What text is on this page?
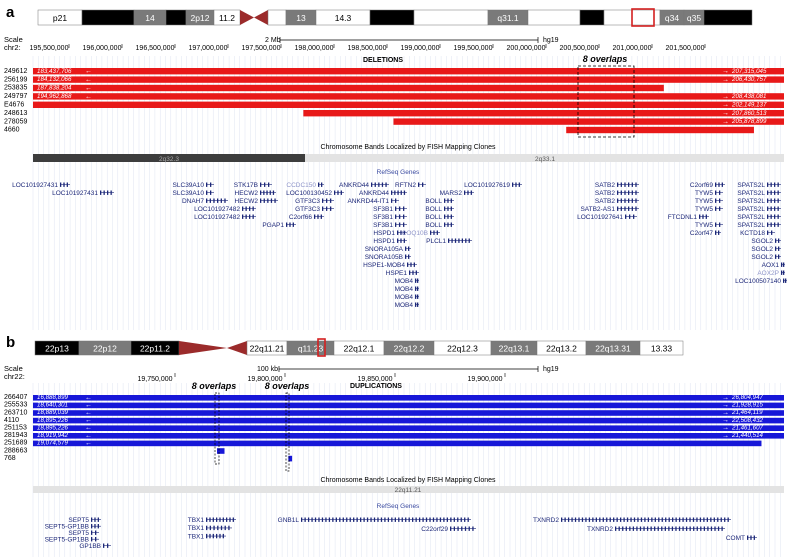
a	p21	14	2p12 11.2	13	14.3	q31.1	q34 q35
Scale
chr2:
2 Mb	hg19
195,500,000 196,000,000 196,500,000 197,000,000 197,500,000 198,000,000 198,500,000 199,000,000 199,500,000 200,000,000 200,500,000 201,000,000 201,500,000
DELETIONS	8 overlaps
249612 183,437,706 ←	→ 207,315,045
256199 184,132,066 ←	→ 206,430,757
253835 187,838,204 ←
249797 194,962,868 ←	→ 208,438,081
E4676	→ 202,149,137
248613	→ 207,860,513
278059	→ 205,878,899
4660
Chromosome Bands Localized by FISH Mapping Clones
2q32.3	2q33.1
RefSeq Genes
LOC101927431
LOC101927431
SLC39A10
SLC39A10
DNAH7
STK17B
HECW2
HECW2
LOC101927482
LOC101927482
CCDC150
LOC100130452
GTF3C3
GTF3C3
C2orf66
PGAP1
ANKRD44
ANKRD44
ANKRD44-IT1
SF3B1
SF3B1
SF3B1
HSPD1
HSPD1
SNORA105A
SNORA105B
HSPE1-MOB4
HSPE1
MOB4
MOB4
MOB4
MOB4
RFTN2
MARS2
BOLL
BOLL
BOLL
BOLL
COQ10B
PLCL1
LOC101927619	SATB2
SATB2
SATB2
SATB2-AS1
LOC101927641
C2orf69
TYW5
TYW5
TYW5
FTCDNL1
TYW5
C2orf47
SPATS2L
SPATS2L
SPATS2L
SPATS2L
SPATS2L
SPATS2L
KCTD18
SGOL2
SGOL2
SGOL2
AOX1
AOX2P
LOC100507140
b	22p13	22p12	22p11.2	22q11.21 q11.23 22q12.1 22q12.2	22q12.3 22q13.1 22q13.2 22q13.31 13.33
Scale
chr22:
100 kb	hg19
19,750,000	19,800,000	19,850,000	19,900,000
DUPLICATIONS
8 overlaps	8 overlaps
266407 16,888,899 ←	→ 26,804,947
255533 18,640,301 ←	→ 21,928,915
263710 18,889,039 ←	→ 21,464,119
4110	18,895,226 ←	→ 22,508,432
251153 18,895,226 ←	→ 21,461,607
281943 18,919,942 ←	→ 21,440,514
251689 19,074,579 ←
288663
768
Chromosome Bands Localized by FISH Mapping Clones
22q11.21
RefSeq Genes
SEPT5
SEPT5-GP1BB
SEPT5
SEPT5-GP1BB
GP1BB
TBX1
TBX1
TBX1
GNB1L
C22orf29
TXNRD2
TXNRD2
COMT
